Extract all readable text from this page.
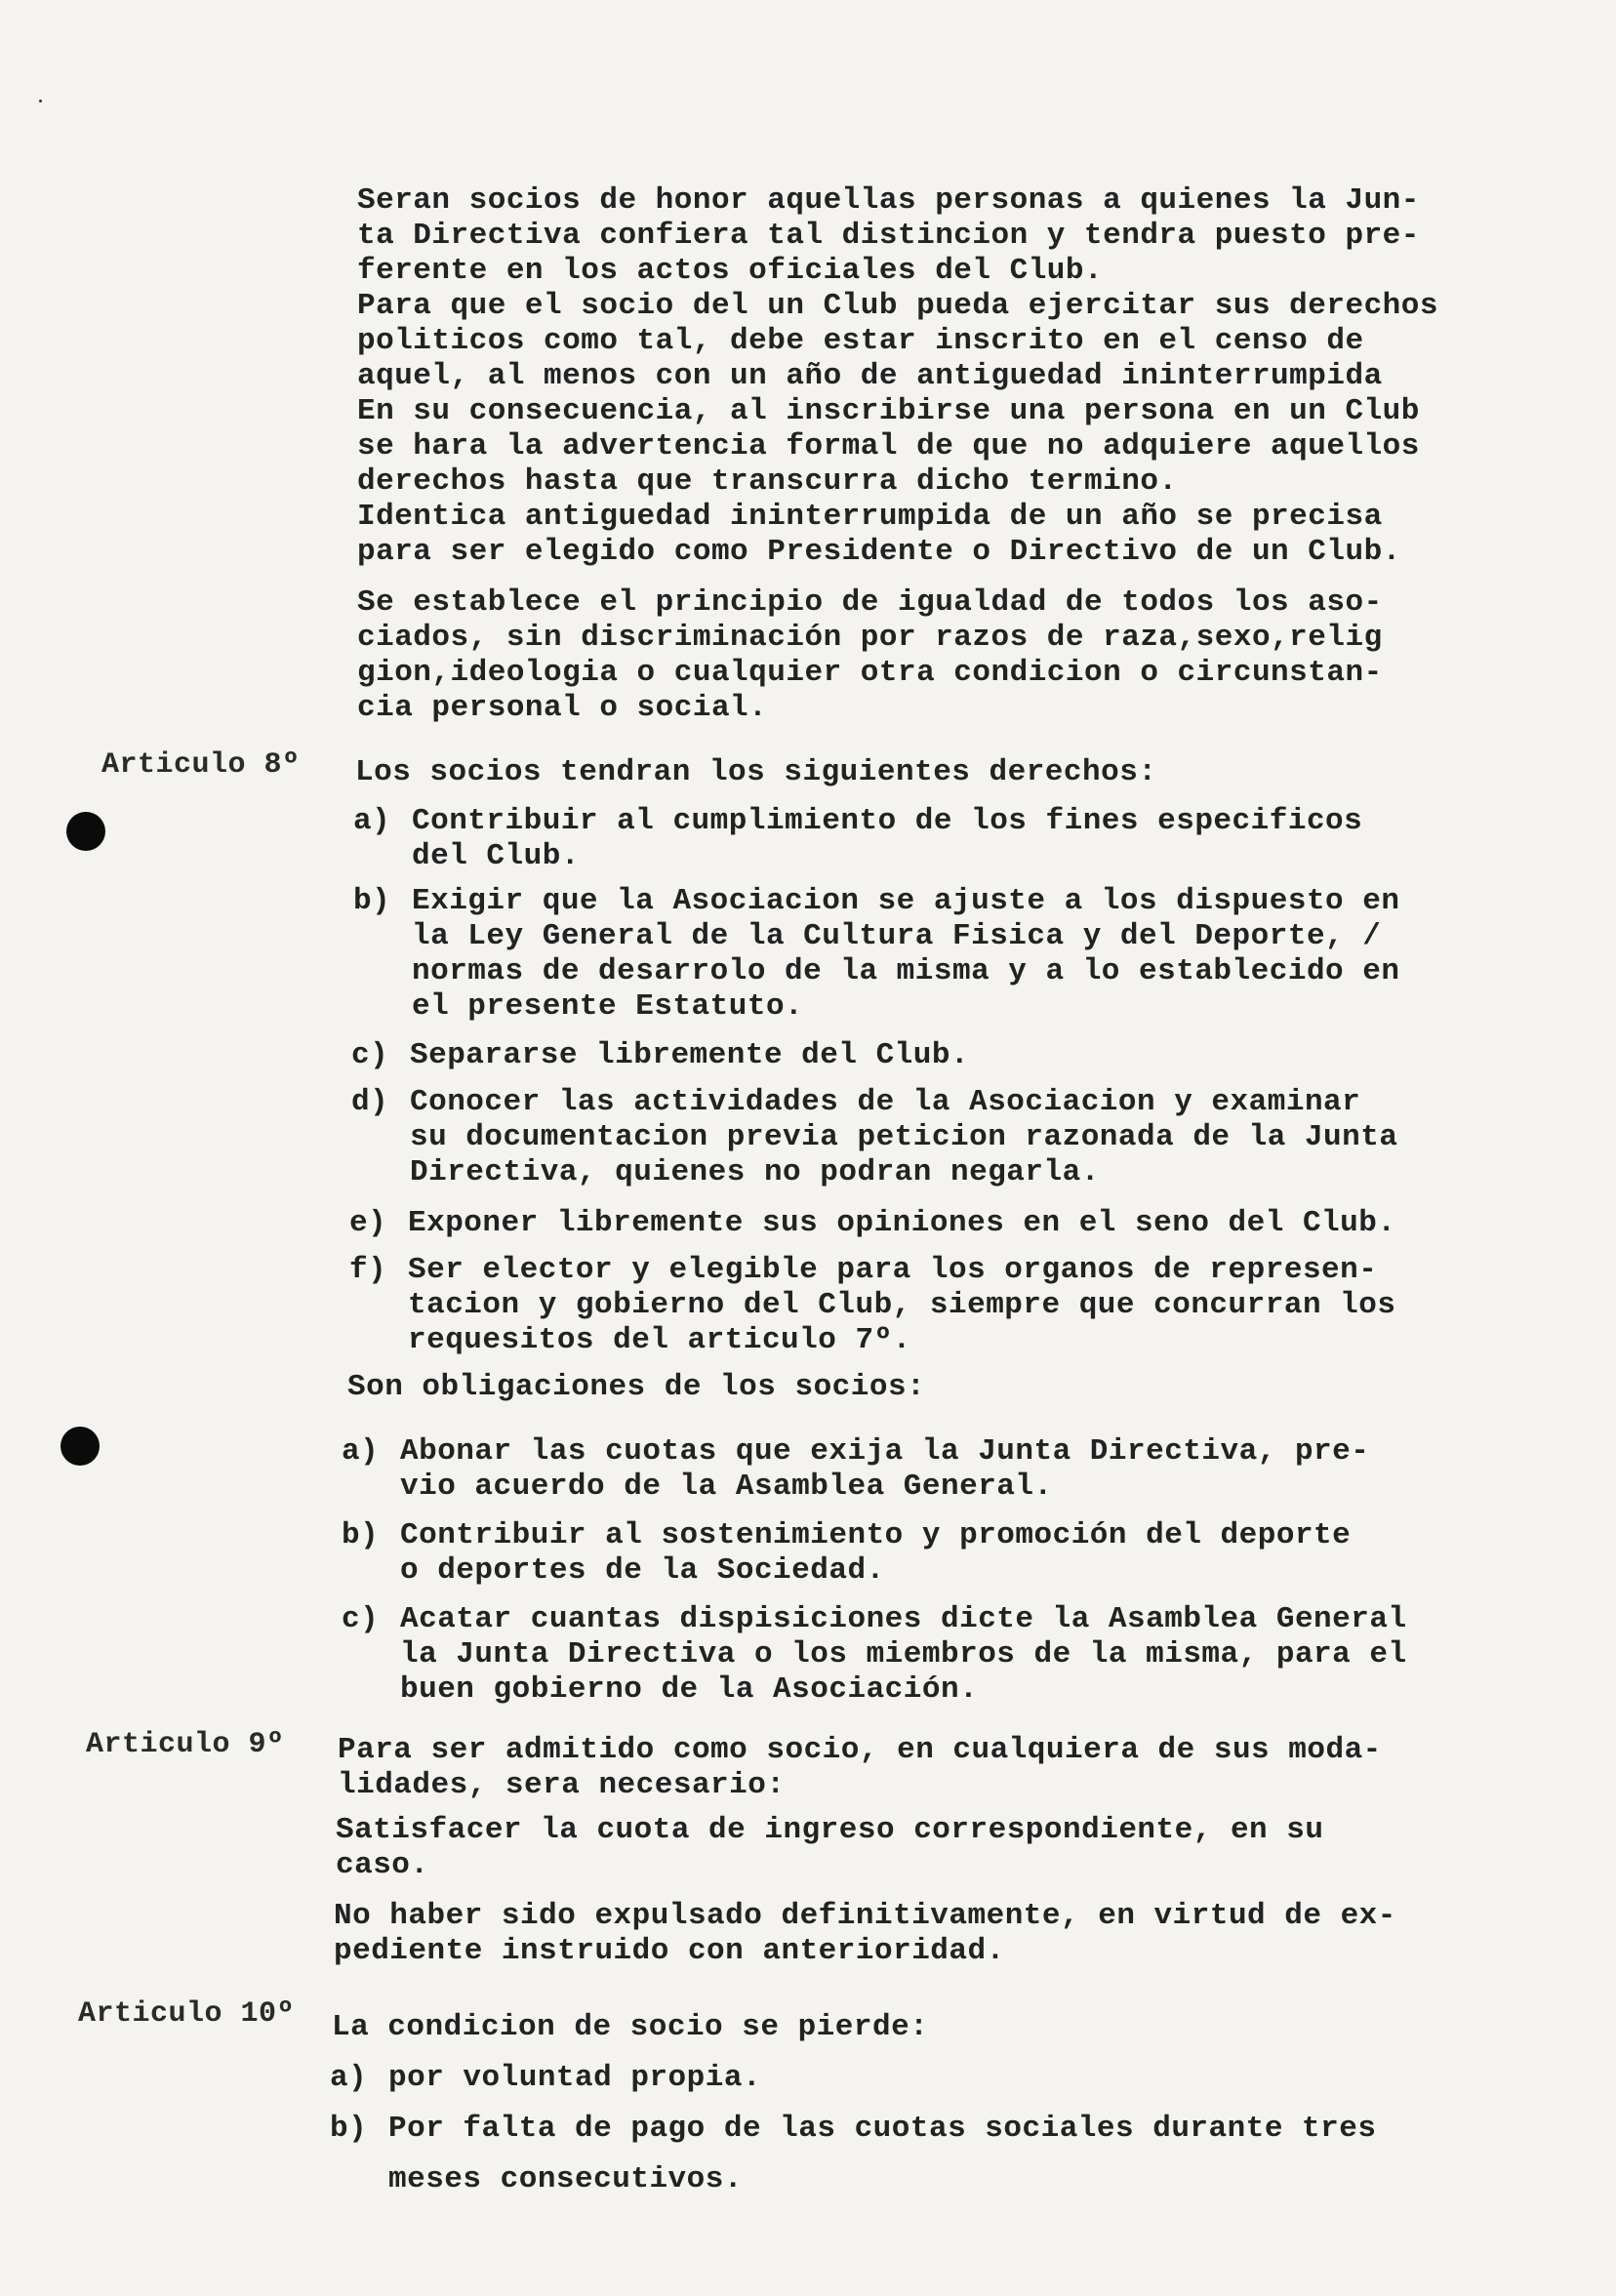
Seran socios de honor aquellas personas a quienes la Jun-
ta Directiva confiera tal distincion y tendra puesto pre-
ferente en los actos oficiales del Club.
Para que el socio del un Club pueda ejercitar sus derechos
politicos como tal, debe estar inscrito en el censo de
aquel, al menos con un año de antiguedad ininterrumpida
En su consecuencia, al inscribirse una persona en un Club
se hara la advertencia formal de que no adquiere aquellos
derechos hasta que transcurra dicho termino.
Identica antiguedad ininterrumpida de un año se precisa
para ser elegido como Presidente o Directivo de un Club.
Se establece el principio de igualdad de todos los aso-
ciados, sin discriminación por razos de raza,sexo,relig
gion,ideologia o cualquier otra condicion o circunstan-
cia personal o social.
Articulo 8º Los socios tendran los siguientes derechos:
a) Contribuir al cumplimiento de los fines especificos
del Club.
b) Exigir que la Asociacion se ajuste a los dispuesto en
la Ley General de la Cultura Fisica y del Deporte, /
normas de desarrolo de la misma y a lo establecido en
el presente Estatuto.
c) Separarse libremente del Club.
d) Conocer las actividades de la Asociacion y examinar
su documentacion previa peticion razonada de la Junta
Directiva, quienes no podran negarla.
e) Exponer libremente sus opiniones en el seno del Club.
f) Ser elector y elegible para los organos de represen-
tacion y gobierno del Club, siempre que concurran los
requesitos del articulo 7º.
Son obligaciones de los socios:
a) Abonar las cuotas que exija la Junta Directiva, pre-
vio acuerdo de la Asamblea General.
b) Contribuir al sostenimiento y promoción del deporte
o deportes de la Sociedad.
c) Acatar cuantas dispisiciones dicte la Asamblea General
la Junta Directiva o los miembros de la misma, para el
buen gobierno de la Asociación.
Articulo 9º Para ser admitido como socio, en cualquiera de sus moda-
lidades, sera necesario:
Satisfacer la cuota de ingreso correspondiente, en su
caso.
No haber sido expulsado definitivamente, en virtud de ex-
pediente instruido con anterioridad.
Articulo 10º La condicion de socio se pierde:
a) por voluntad propia.
b) Por falta de pago de las cuotas sociales durante tres
meses consecutivos.
